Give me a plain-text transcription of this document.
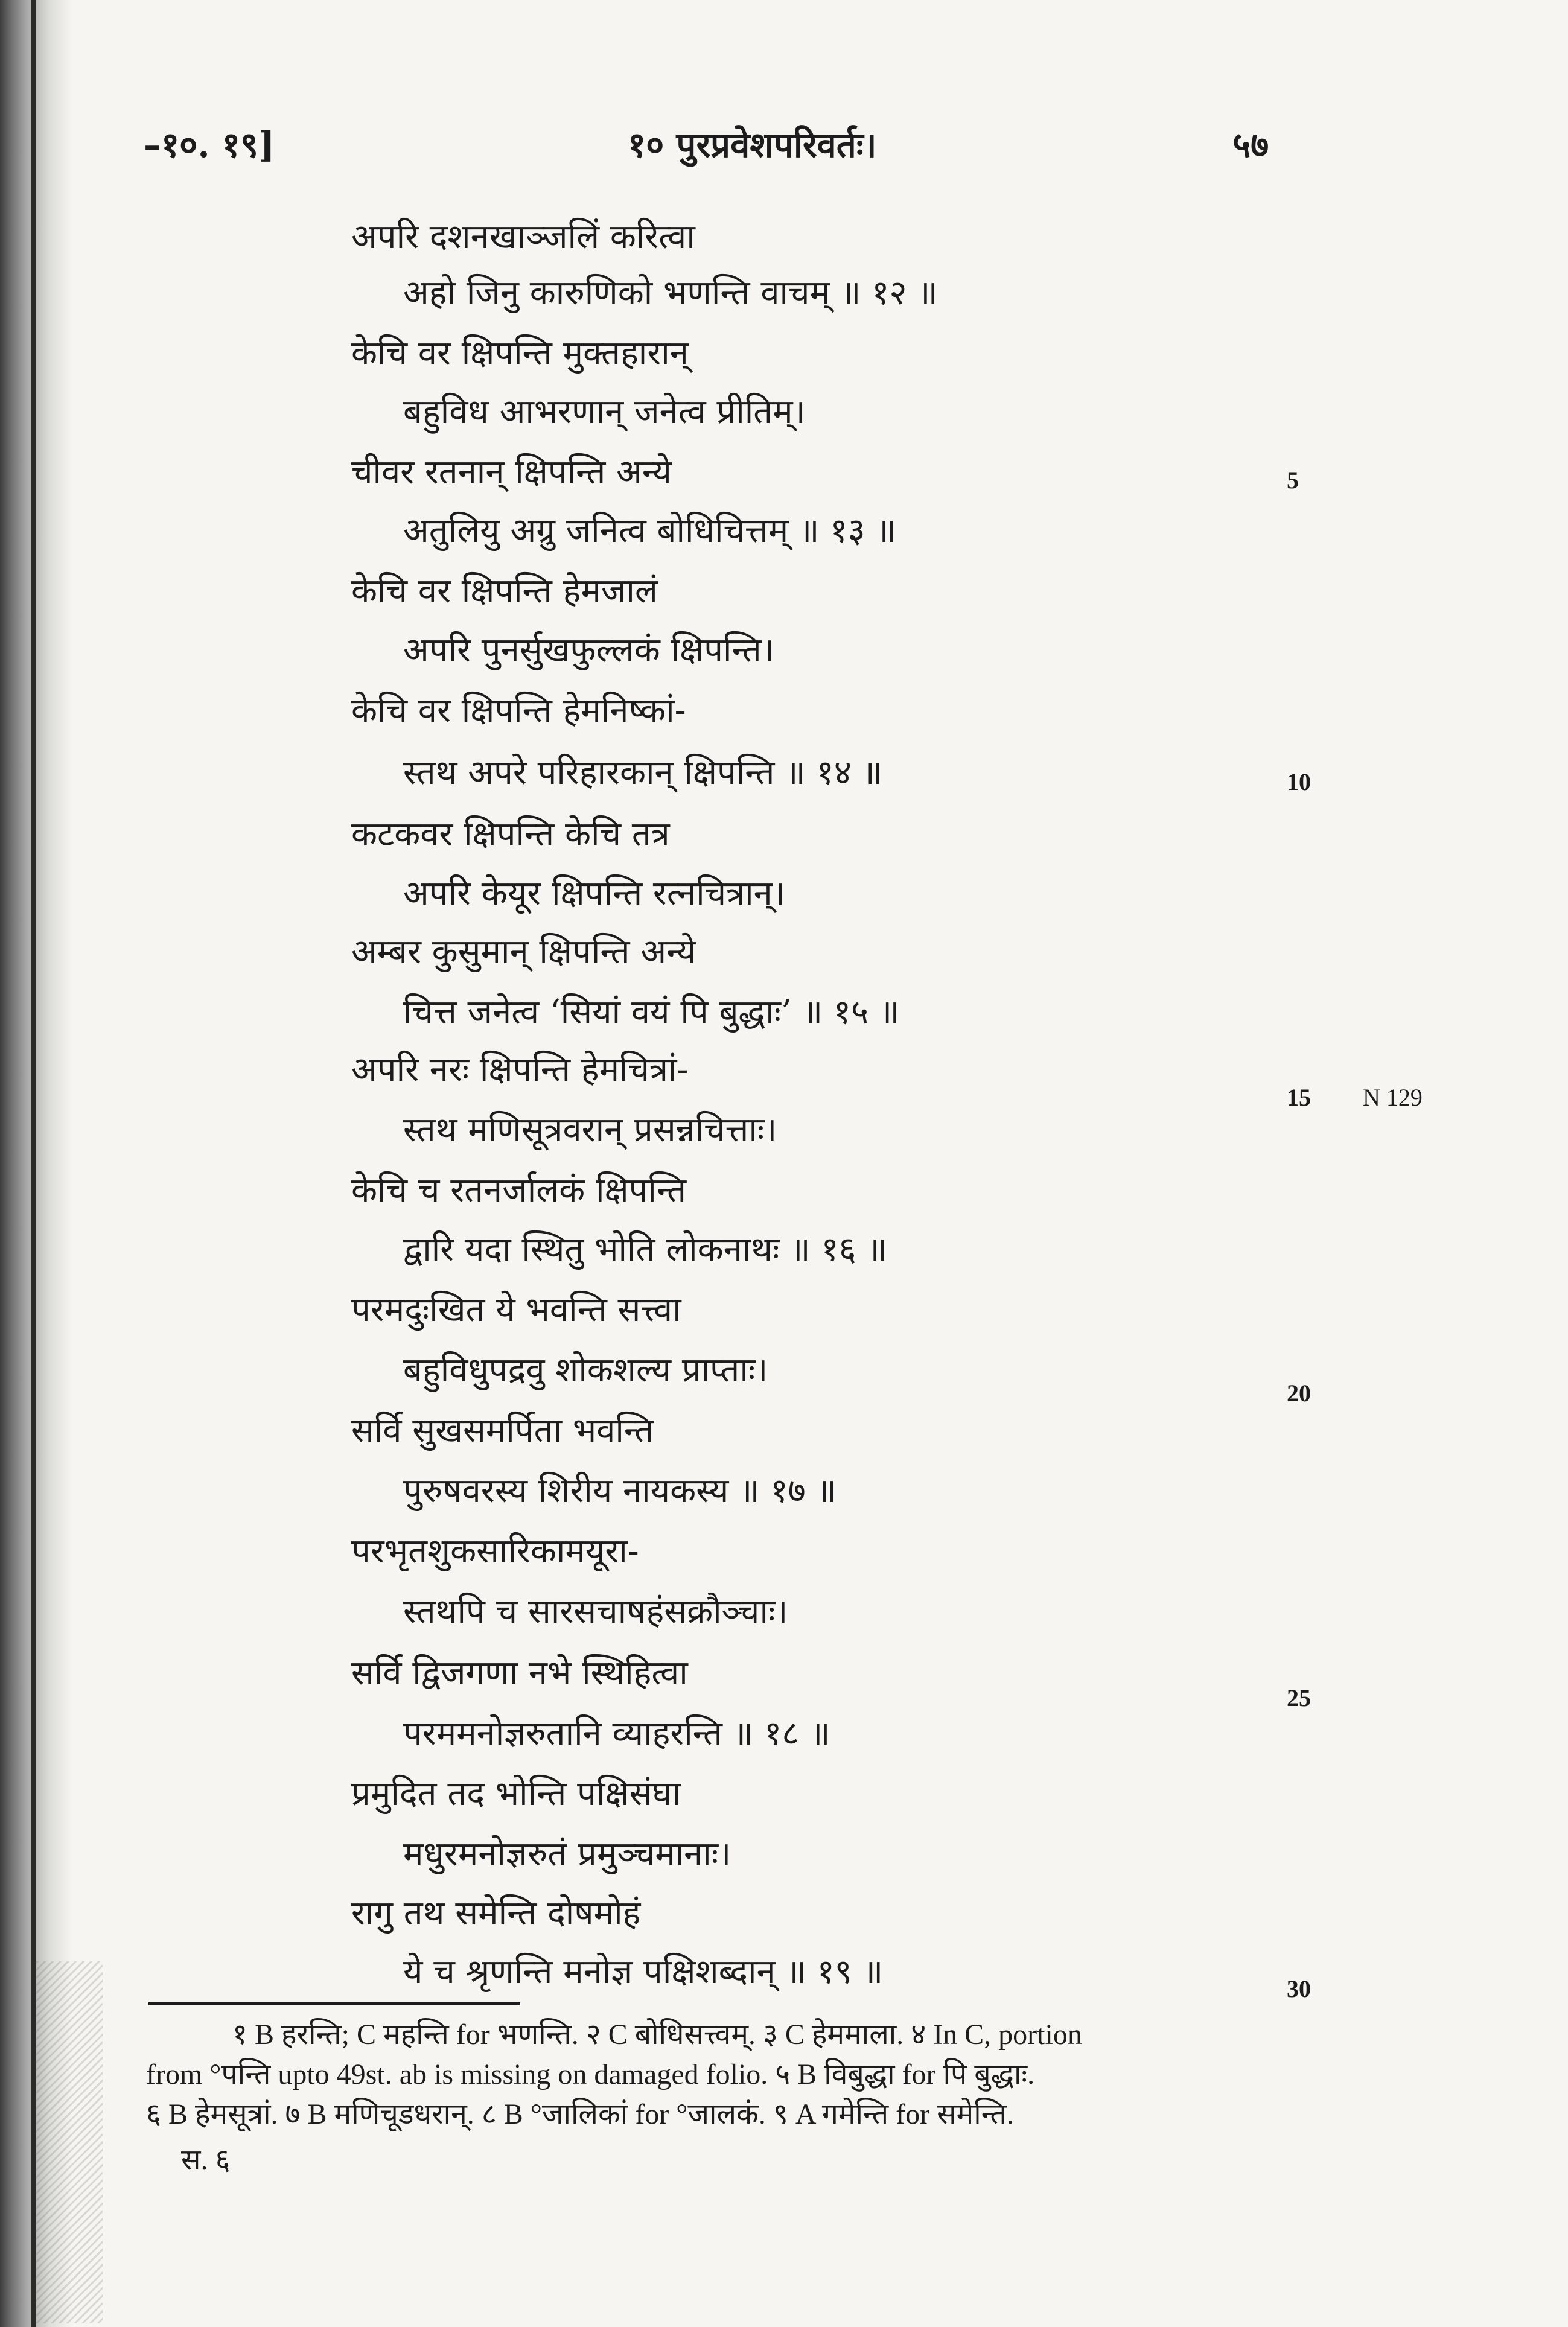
–१०. १९]	१० पुरप्रवेशपरिवर्तः।	५७
अपरि दशनखाञ्जलिं करित्वा
अहो जिनु कारुणिको भणन्ति वाचम् ॥ १२ ॥
केचि वर क्षिपन्ति मुक्तहारान्
बहुविध आभरणान् जनेत्व प्रीतिम्।
चीवर रतनान् क्षिपन्ति अन्ये
अतुलियु अग्रु जनित्व बोधिचित्तम् ॥ १३ ॥
केचि वर क्षिपन्ति हेमजालं
अपरि पुनर्सुखफुल्लकं क्षिपन्ति।
केचि वर क्षिपन्ति हेमनिष्कां-
स्तथ अपरे परिहारकान् क्षिपन्ति ॥ १४ ॥
कटकवर क्षिपन्ति केचि तत्र
अपरि केयूर क्षिपन्ति रत्नचित्रान्।
अम्बर कुसुमान् क्षिपन्ति अन्ये
चित्त जनेत्व ‘सियां वयं पि बुद्धाः’ ॥ १५ ॥
अपरि नरः क्षिपन्ति हेमचित्रां-
स्तथ मणिसूत्रवरान् प्रसन्नचित्ताः।
केचि च रतनर्जालकं क्षिपन्ति
द्वारि यदा स्थितु भोति लोकनाथः ॥ १६ ॥
परमदुःखित ये भवन्ति सत्त्वा
बहुविधुपद्रवु शोकशल्य प्राप्ताः।
सर्वि सुखसमर्पिता भवन्ति
पुरुषवरस्य शिरीय नायकस्य ॥ १७ ॥
परभृतशुकसारिकामयूरा-
स्तथपि च सारसचाषहंसक्रौञ्चाः।
सर्वि द्विजगणा नभे स्थिहित्वा
परममनोज्ञरुतानि व्याहरन्ति ॥ १८ ॥
प्रमुदित तद भोन्ति पक्षिसंघा
मधुरमनोज्ञरुतं प्रमुञ्चमानाः।
रागु तथ समेन्ति दोषमोहं
ये च श्रृणन्ति मनोज्ञ पक्षिशब्दान् ॥ १९ ॥
5
10
15
20
25
30
N 129
१ B हरन्ति; C महन्ति for भणन्ति. २ C बोधिसत्त्वम्. ३ C हेममाला. ४ In C, portion
from °पन्ति upto 49st. ab is missing on damaged folio. ५ B विबुद्धा for पि बुद्धाः.
६ B हेमसूत्रां. ७ B मणिचूडधरान्. ८ B °जालिकां for °जालकं. ९ A गमेन्ति for समेन्ति.
स. ६
